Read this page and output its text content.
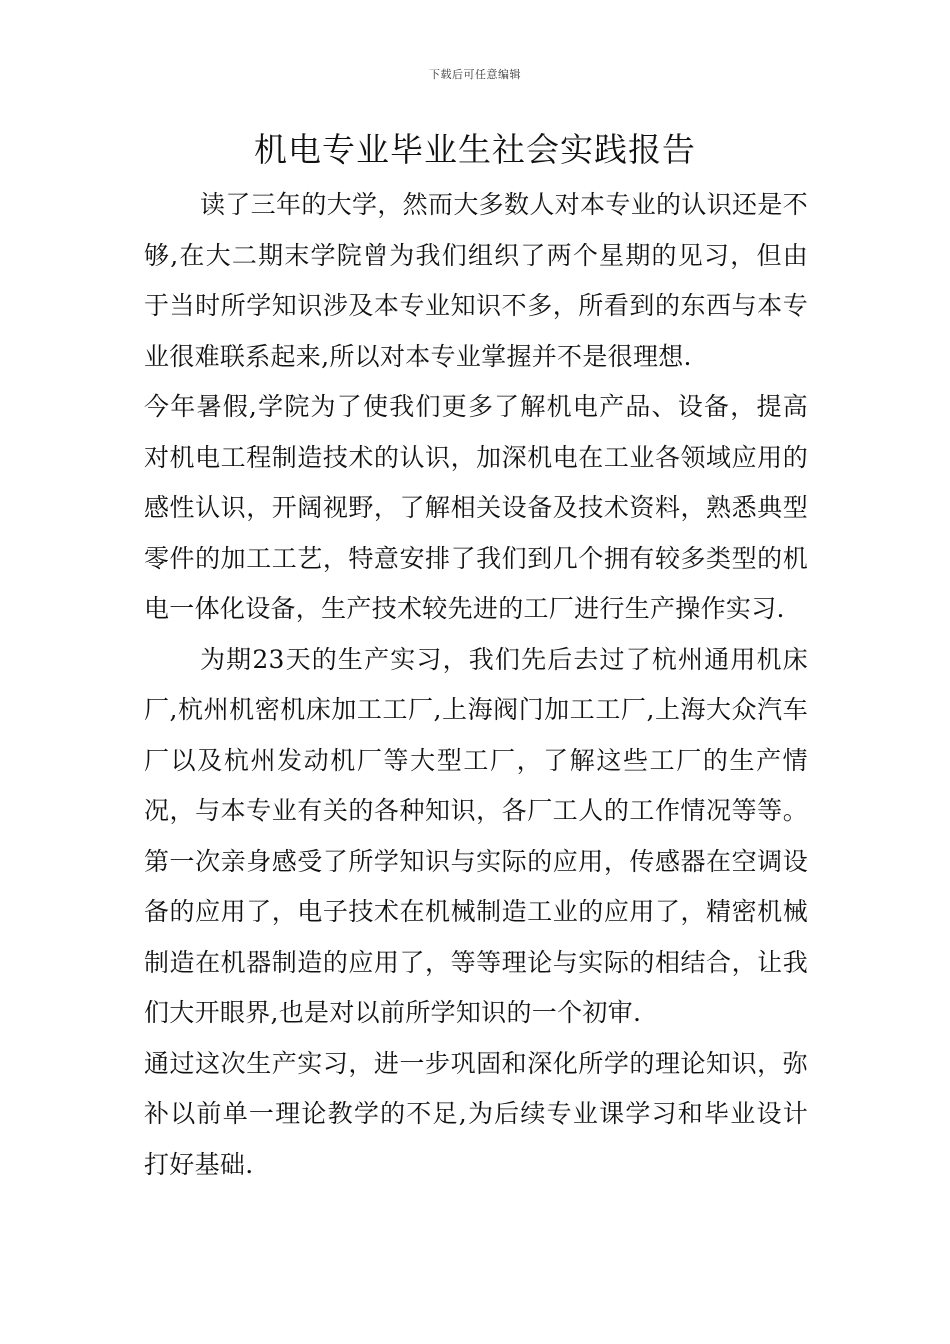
下载后可任意编辑
机电专业毕业生社会实践报告

读了三年的大学，然而大多数人对本专业的认识还是不够,在大二期末学院曾为我们组织了两个星期的见习，但由于当时所学知识涉及本专业知识不多，所看到的东西与本专业很难联系起来,所以对本专业掌握并不是很理想.

今年暑假,学院为了使我们更多了解机电产品、设备，提高对机电工程制造技术的认识，加深机电在工业各领域应用的感性认识，开阔视野，了解相关设备及技术资料，熟悉典型零件的加工工艺，特意安排了我们到几个拥有较多类型的机电一体化设备，生产技术较先进的工厂进行生产操作实习.

为期23天的生产实习，我们先后去过了杭州通用机床厂,杭州机密机床加工工厂,上海阀门加工工厂,上海大众汽车厂以及杭州发动机厂等大型工厂，了解这些工厂的生产情况，与本专业有关的各种知识，各厂工人的工作情况等等。第一次亲身感受了所学知识与实际的应用，传感器在空调设备的应用了，电子技术在机械制造工业的应用了，精密机械制造在机器制造的应用了，等等理论与实际的相结合，让我们大开眼界,也是对以前所学知识的一个初审.

通过这次生产实习，进一步巩固和深化所学的理论知识，弥补以前单一理论教学的不足,为后续专业课学习和毕业设计打好基础.
